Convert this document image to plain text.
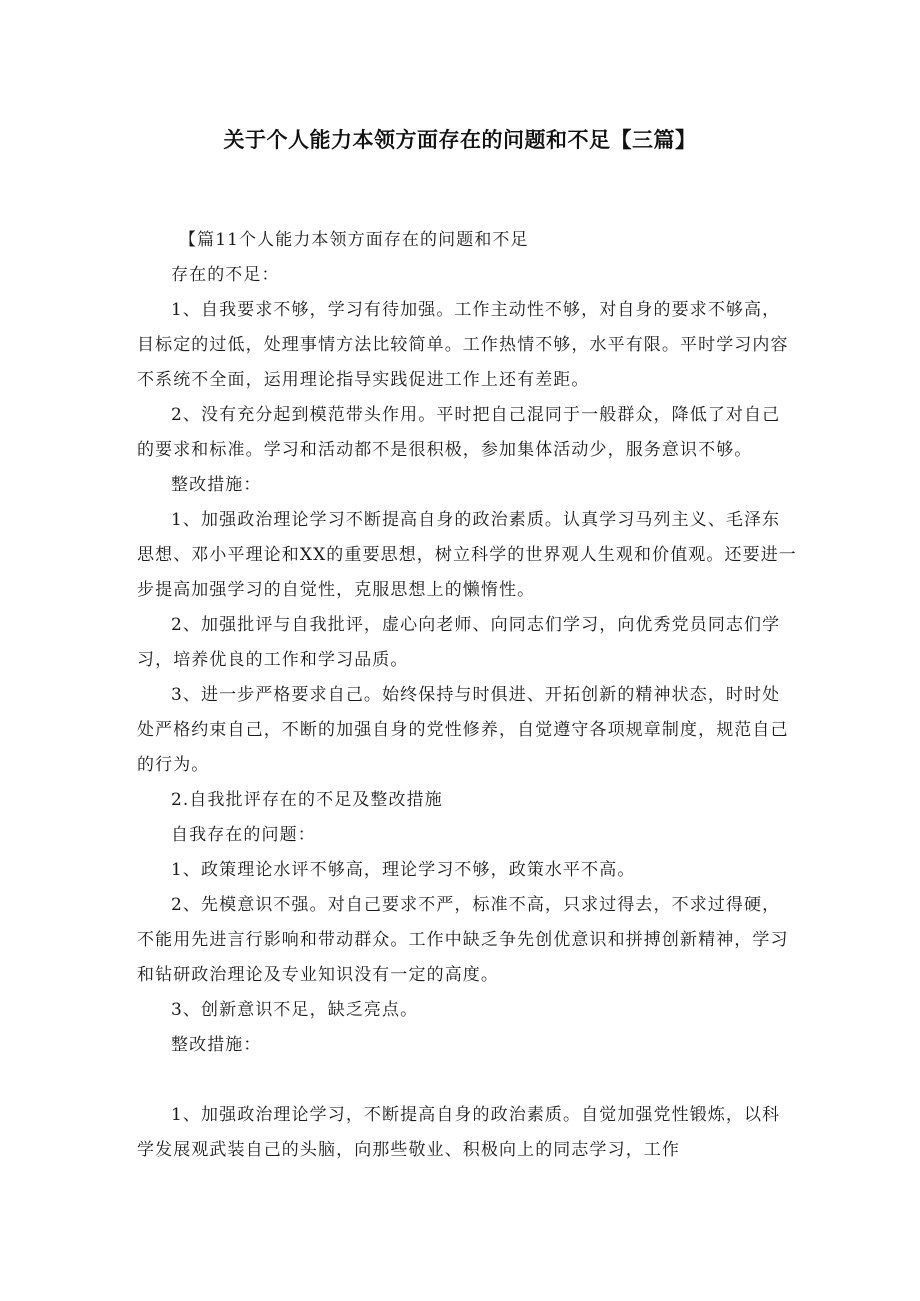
关于个人能力本领方面存在的问题和不足【三篇】

【篇11个人能力本领方面存在的问题和不足

存在的不足：

1、自我要求不够，学习有待加强。工作主动性不够，对自身的要求不够高，目标定的过低，处理事情方法比较简单。工作热情不够，水平有限。平时学习内容不系统不全面，运用理论指导实践促进工作上还有差距。

2、没有充分起到模范带头作用。平时把自己混同于一般群众，降低了对自己的要求和标准。学习和活动都不是很积极，参加集体活动少，服务意识不够。

整改措施：

1、加强政治理论学习不断提高自身的政治素质。认真学习马列主义、毛泽东思想、邓小平理论和XX的重要思想，树立科学的世界观人生观和价值观。还要进一步提高加强学习的自觉性，克服思想上的懒惰性。

2、加强批评与自我批评，虚心向老师、向同志们学习，向优秀党员同志们学习，培养优良的工作和学习品质。

3、进一步严格要求自己。始终保持与时俱进、开拓创新的精神状态，时时处处严格约束自己，不断的加强自身的党性修养，自觉遵守各项规章制度，规范自己的行为。

2.自我批评存在的不足及整改措施

自我存在的问题：

1、政策理论水评不够高，理论学习不够，政策水平不高。

2、先模意识不强。对自己要求不严，标准不高，只求过得去，不求过得硬，不能用先进言行影响和带动群众。工作中缺乏争先创优意识和拼搏创新精神，学习和钻研政治理论及专业知识没有一定的高度。

3、创新意识不足，缺乏亮点。

整改措施：

1、加强政治理论学习，不断提高自身的政治素质。自觉加强党性锻炼，以科学发展观武装自己的头脑，向那些敬业、积极向上的同志学习，工作
